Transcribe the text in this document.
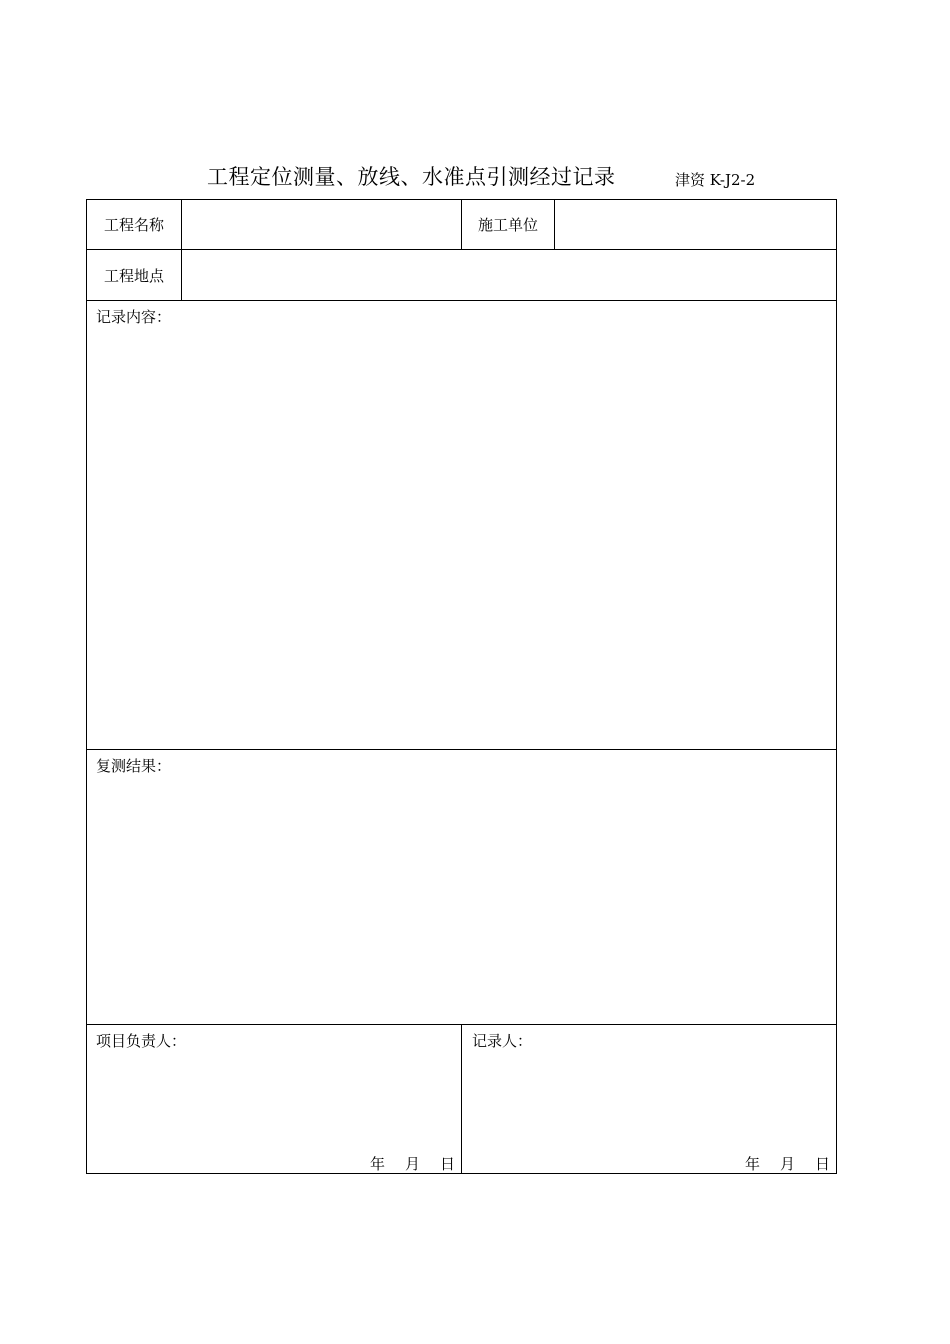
工程定位测量、放线、水准点引测经过记录	津资 K-J2-2
工程名称	施工单位
工程地点
记录内容：
复测结果：
项目负责人：
年 月 日
记录人：
年 月 日
